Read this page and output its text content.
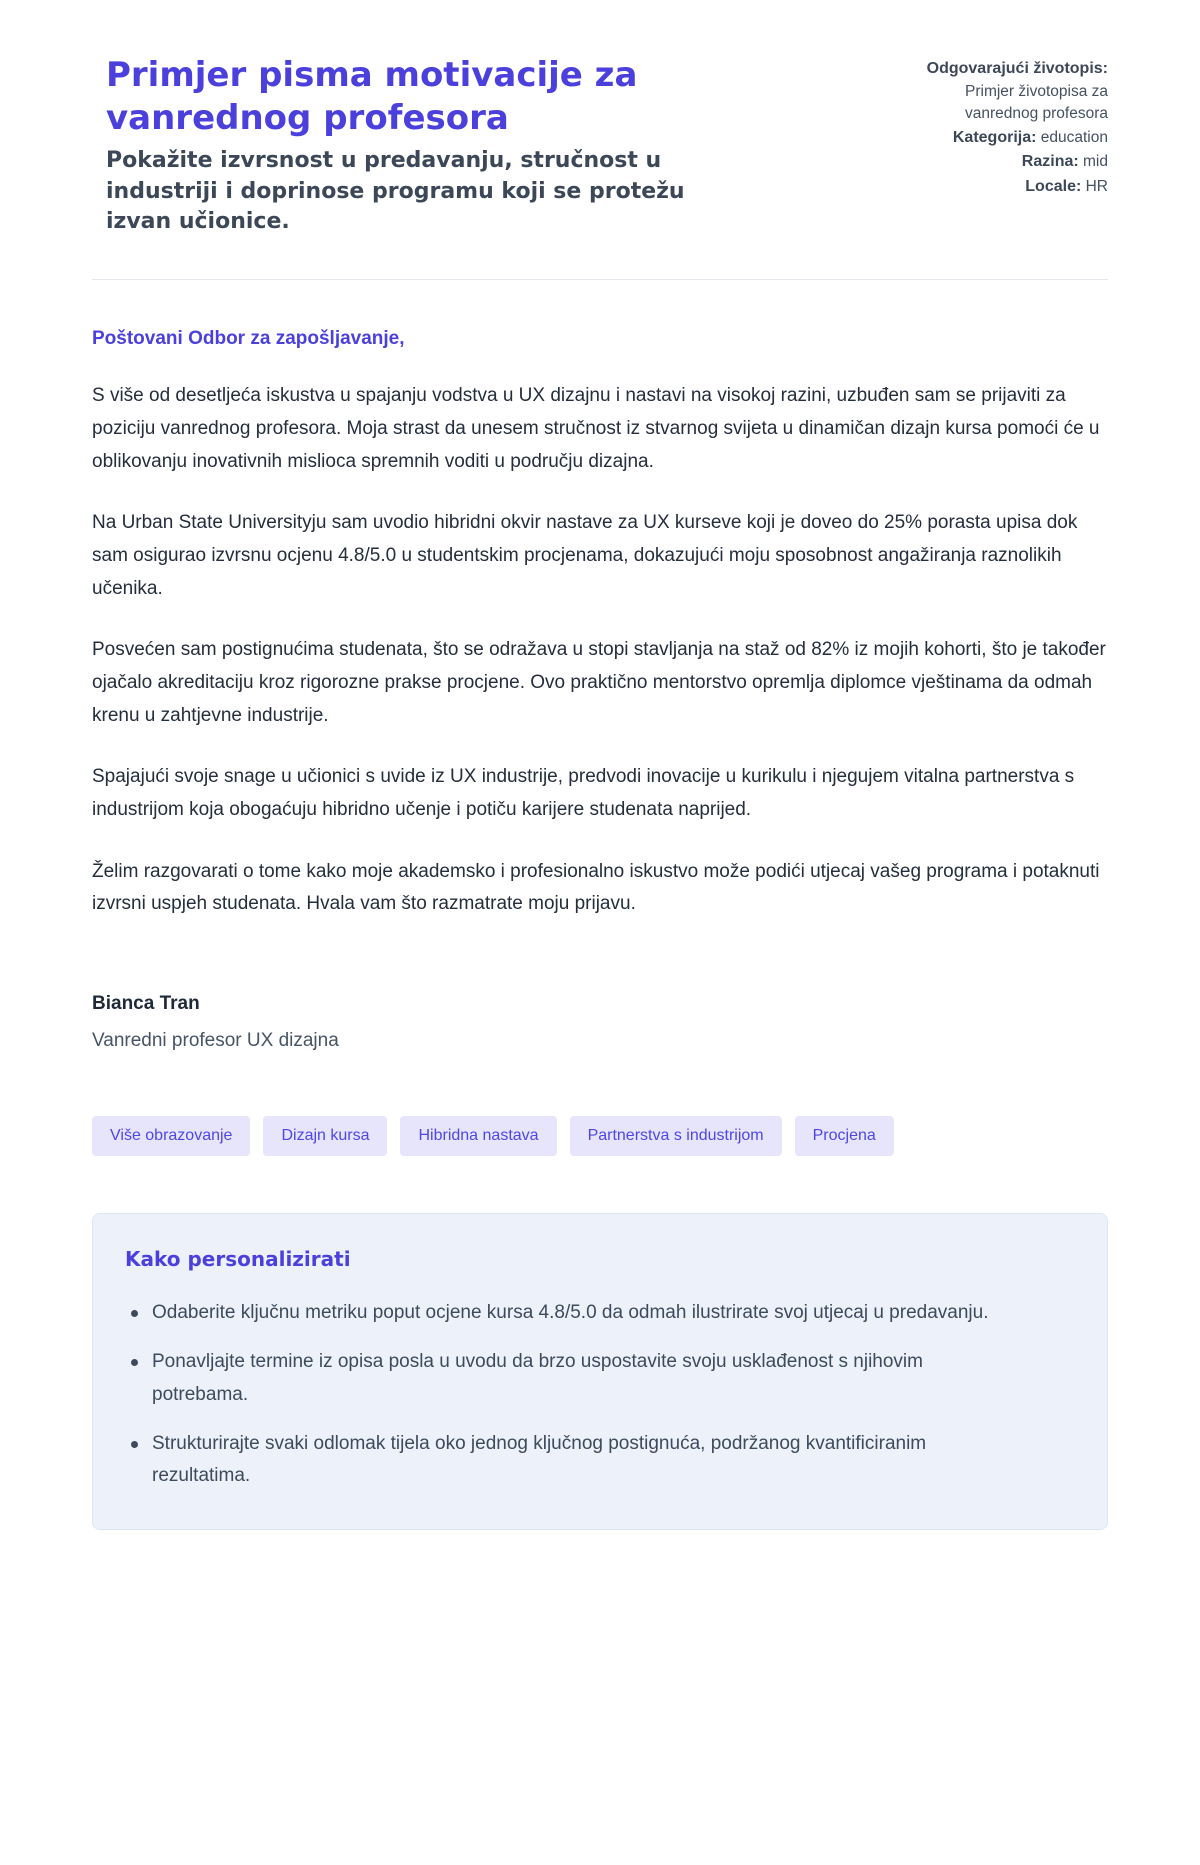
Primjer pisma motivacije za vanrednog profesora
Pokažite izvrsnost u predavanju, stručnost u industriji i doprinose programu koji se protežu izvan učionice.
Odgovarajući životopis:
Primjer životopisa za vanrednog profesora
Kategorija: education
Razina: mid
Locale: HR
Poštovani Odbor za zapošljavanje,

S više od desetljeća iskustva u spajanju vodstva u UX dizajnu i nastavi na visokoj razini, uzbuđen sam se prijaviti za poziciju vanrednog profesora. Moja strast da unesem stručnost iz stvarnog svijeta u dinamičan dizajn kursa pomoći će u oblikovanju inovativnih mislioca spremnih voditi u području dizajna.

Na Urban State Universityju sam uvodio hibridni okvir nastave za UX kurseve koji je doveo do 25% porasta upisa dok sam osigurao izvrsnu ocjenu 4.8/5.0 u studentskim procjenama, dokazujući moju sposobnost angažiranja raznolikih učenika.

Posvećen sam postignućima studenata, što se odražava u stopi stavljanja na staž od 82% iz mojih kohorti, što je također ojačalo akreditaciju kroz rigorozne prakse procjene. Ovo praktično mentorstvo opremlja diplomce vještinama da odmah krenu u zahtjevne industrije.

Spajajući svoje snage u učionici s uvide iz UX industrije, predvodi inovacije u kurikulu i njegujem vitalna partnerstva s industrijom koja obogaćuju hibridno učenje i potiču karijere studenata naprijed.

Želim razgovarati o tome kako moje akademsko i profesionalno iskustvo može podići utjecaj vašeg programa i potaknuti izvrsni uspjeh studenata. Hvala vam što razmatrate moju prijavu.

Bianca Tran
Vanredni profesor UX dizajna
Više obrazovanje	Dizajn kursa	Hibridna nastava	Partnerstva s industrijom	Procjena
Kako personalizirati
Odaberite ključnu metriku poput ocjene kursa 4.8/5.0 da odmah ilustrirate svoj utjecaj u predavanju.
Ponavljajte termine iz opisa posla u uvodu da brzo uspostavite svoju usklađenost s njihovim potrebama.
Strukturirajte svaki odlomak tijela oko jednog ključnog postignuća, podržanog kvantificiranim rezultatima.
